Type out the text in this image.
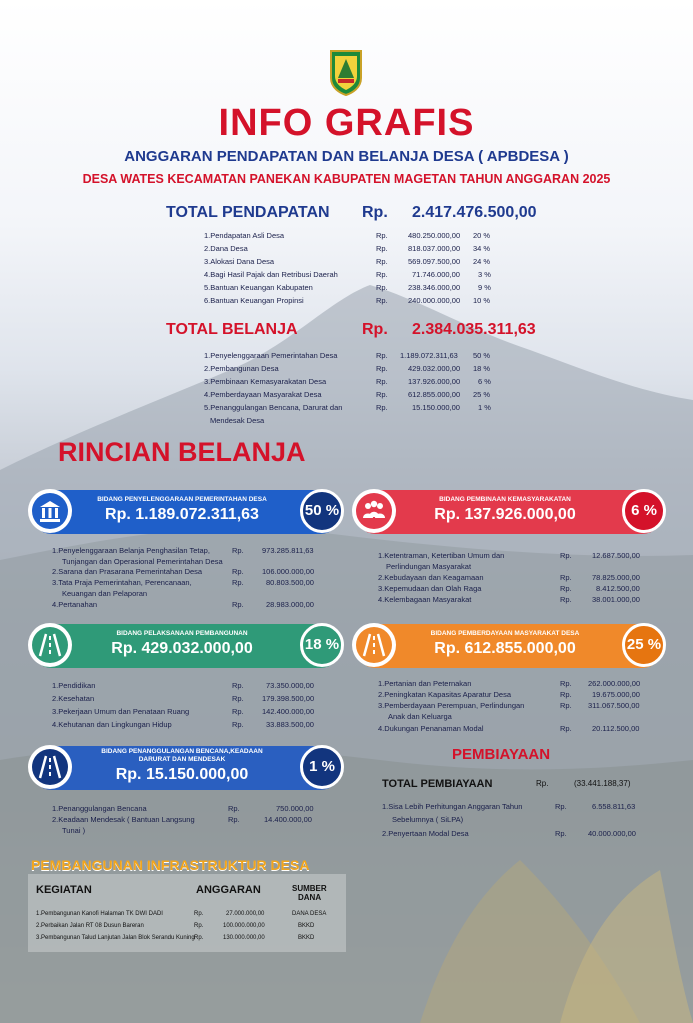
INFO GRAFIS
ANGGARAN PENDAPATAN DAN BELANJA DESA ( APBDESA )
DESA WATES KECAMATAN PANEKAN KABUPATEN MAGETAN TAHUN ANGGARAN 2025
TOTAL PENDAPATAN Rp. 2.417.476.500,00
1.Pendapatan Asli Desa	Rp.	480.250.000,00 20 %
2.Dana Desa	Rp.	818.037.000,00 34 %
3.Alokasi Dana Desa	Rp.	569.097.500,00 24 %
4.Bagi Hasil Pajak dan Retribusi Daerah	Rp.	71.746.000,00 3 %
5.Bantuan Keuangan Kabupaten	Rp.	238.346.000,00 9 %
6.Bantuan Keuangan Propinsi	Rp.	240.000.000,00 10 %
TOTAL BELANJA	Rp. 2.384.035.311,63
1.Penyelenggaraan Pemerintahan Desa	Rp. 1.189.072.311,63 50 %
2.Pembangunan Desa	Rp.	429.032.000,00 18 %
3.Pembinaan Kemasyarakatan Desa	Rp.	137.926.000,00 6 %
4.Pemberdayaan Masyarakat Desa	Rp.	612.855.000,00 25 %
5.Penanggulangan Bencana, Darurat dan
Mendesak Desa
Rp.	15.150.000,00 1 %
RINCIAN BELANJA
BIDANG PENYELENGGARAAN PEMERINTAHAN DESA
Rp. 1.189.072.311,63	50 %
1.Penyelenggaraan Belanja Penghasilan Tetap,	Rp. 973.285.811,63
Tunjangan dan Operasional Pemerintahan Desa
2.Sarana dan Prasarana Pemerintahan Desa	Rp. 106.000.000,00
3.Tata Praja Pemerintahan, Perencanaan,	Rp.	80.803.500,00
Keuangan dan Pelaporan
4.Pertanahan	Rp.	28.983.000,00
BIDANG PEMBINAAN KEMASYARAKATAN
Rp. 137.926.000,00	6 %
1.Ketentraman, Ketertiban Umum dan	Rp.	12.687.500,00
Perlindungan Masyarakat
2.Kebudayaan dan Keagamaan	Rp.	78.825.000,00
3.Kepemudaan dan Olah Raga	Rp.	8.412.500,00
4.Kelembagaan Masyarakat	Rp.	38.001.000,00
BIDANG PELAKSANAAN PEMBANGUNAN
Rp. 429.032.000,00	18 %
1.Pendidikan	Rp.	73.350.000,00
2.Kesehatan	Rp. 179.398.500,00
3.Pekerjaan Umum dan Penataan Ruang	Rp. 142.400.000,00
4.Kehutanan dan Lingkungan Hidup	Rp.	33.883.500,00
BIDANG PEMBERDAYAAN MASYARAKAT DESA
Rp. 612.855.000,00	25 %
1.Pertanian dan Peternakan	Rp. 262.000.000,00
2.Peningkatan Kapasitas Aparatur Desa	Rp.	19.675.000,00
3.Pemberdayaan Perempuan, Perlindungan	Rp. 311.067.500,00
Anak dan Keluarga
4.Dukungan Penanaman Modal	Rp.	20.112.500,00
BIDANG PENANGGULANGAN BENCANA,KEADAAN
DARURAT DAN MENDESAK
Rp. 15.150.000,00	1 %
1.Penanggulangan Bencana	Rp.	750.000,00
2.Keadaan Mendesak ( Bantuan Langsung	Rp.	14.400.000,00
Tunai )
PEMBIAYAAN
TOTAL PEMBIAYAAN	Rp.	(33.441.188,37)
1.Sisa Lebih Perhitungan Anggaran Tahun	Rp.	6.558.811,63
Sebelumnya ( SiLPA)
2.Penyertaan Modal Desa	Rp.	40.000.000,00
PEMBANGUNAN INFRASTRUKTUR DESA
KEGIATAN	ANGGARAN	SUMBER
DANA
1.Pembangunan Kanofi Halaman TK DWI DADI	Rp.	27.000.000,00	DANA DESA
2.Perbaikan Jalan RT 08 Dusun Bareran	Rp.	100.000.000,00	BKKD
3.Pembangunan Talud Lanjutan Jalan Blok Serandu Kuning Rp.	130.000.000,00	BKKD
